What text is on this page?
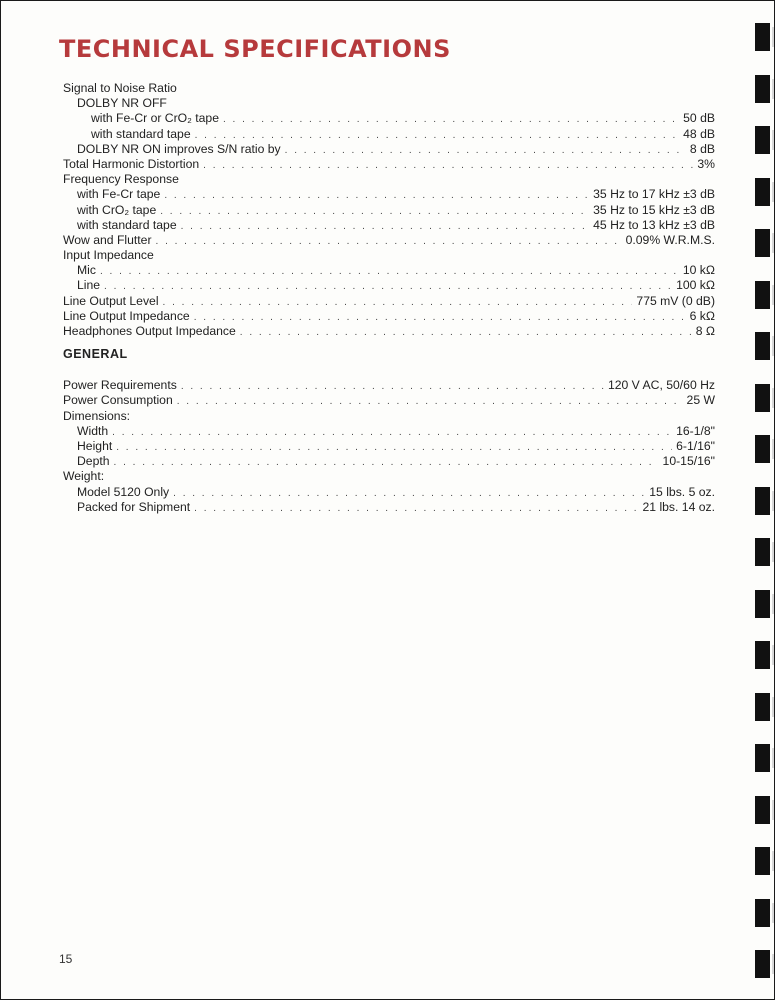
TECHNICAL SPECIFICATIONS
Signal to Noise Ratio
DOLBY NR OFF
with Fe-Cr or CrO₂ tape . . .	50 dB
with standard tape . . .	48 dB
DOLBY NR ON improves S/N ratio by . . .	8 dB
Total Harmonic Distortion . . .	3%
Frequency Response
with Fe-Cr tape . . .	35 Hz to 17 kHz ±3 dB
with CrO₂ tape . . .	35 Hz to 15 kHz ±3 dB
with standard tape . . .	45 Hz to 13 kHz ±3 dB
Wow and Flutter . . .	0.09% W.R.M.S.
Input Impedance
Mic . . .	10 kΩ
Line . . .	100 kΩ
Line Output Level . . .	775 mV (0 dB)
Line Output Impedance . . .	6 kΩ
Headphones Output Impedance . . .	8 Ω
GENERAL
Power Requirements . . .	120 V AC, 50/60 Hz
Power Consumption . . .	25 W
Dimensions:
Width . . .	16-1/8"
Height . . .	6-1/16"
Depth . . .	10-15/16"
Weight:
Model 5120 Only . . .	15 lbs. 5 oz.
Packed for Shipment . . .	21 lbs. 14 oz.
15
